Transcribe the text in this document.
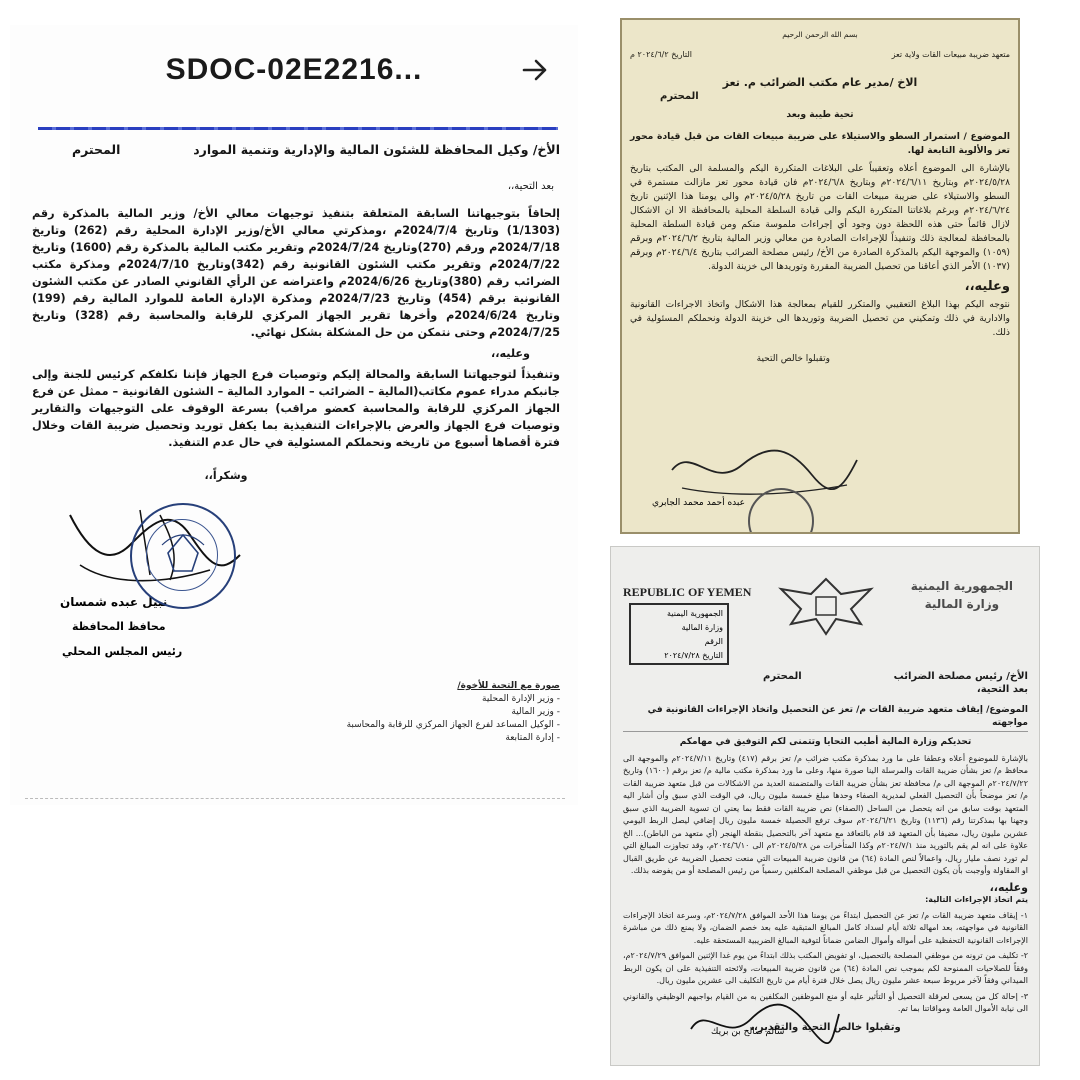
SDOC-02E2216...
الأخ/ وكيل المحافظة للشئون المالية والإدارية وتنمية الموارد
المحترم
بعد التحية،،

إلحاقاً بتوجيهاتنا السابقة المتعلقة بتنفيذ توجيهات معالي الأخ/ وزير المالية بالمذكرة رقم (1/1303) وتاريخ 2024/7/4م ،ومذكرتي معالي الأخ/وزير الإدارة المحلية رقم (262) وتاريخ 2024/7/18م ورقم (270)وتاريخ 2024/7/24م وتقرير مكتب المالية بالمذكرة رقم (1600) وتاريخ 2024/7/22م وتقرير مكتب الشئون القانونية رقم (342)وتاريخ 2024/7/10م ومذكرة مكتب الضرائب رقم (380)وتاريخ 2024/6/26م واعتراضه عن الرأي القانوني الصادر عن مكتب الشئون القانونية برقم (454) وتاريخ 2024/7/23م ومذكرة الإدارة العامة للموارد المالية رقم (199) وتاريخ 2024/6/24م وأخرها تقرير الجهاز المركزي للرقابة والمحاسبة رقم (328) وتاريخ 2024/7/25م وحتى نتمكن من حل المشكلة بشكل نهائي.

وعليه،،

وتنفيذاً لتوجيهاتنا السابقة والمحالة إليكم وتوصيات فرع الجهاز فإننا نكلفكم كرئيس للجنة وإلى جانبكم مدراء عموم مكاتب(المالية – الضرائب – الموارد المالية – الشئون القانونية – ممثل عن فرع الجهاز المركزي للرقابة والمحاسبة كعضو مراقب) بسرعة الوقوف على التوجيهات والتقارير وتوصيات فرع الجهاز والعرض بالإجراءات التنفيذية بما يكفل توريد وتحصيل ضريبة القات وخلال فترة أقصاها أسبوع من تاريخه ونحملكم المسئولية في حال عدم التنفيذ.

وشكراً،،
نبيل عبده شمسان
محافظ المحافظة
رئيس المجلس المحلي
صورة مع التحية للأخوة/
- وزير الإدارة المحلية
- وزير المالية
- الوكيل المساعد لفرع الجهاز المركزي للرقابة والمحاسبة
- إدارة المتابعة
بسم الله الرحمن الرحيم
متعهد ضريبة مبيعات القات ولاية تعز
التاريخ ٢٠٢٤/٦/٢ م
الاخ /مدير عام مكتب الضرائب م. تعز
المحترم
تحية طيبة وبعد

الموضوع / استمرار السطو والاستيلاء على ضريبة مبيعات القات من قبل قيادة محور تعز والألوية التابعة لها.

بالإشارة الى الموضوع أعلاه وتعقيباً على البلاغات المتكررة اليكم والمسلمة الى المكتب بتاريخ ٢٠٢٤/٥/٢٨م وبتاريخ ٢٠٢٤/٦/١١م وبتاريخ ٢٠٢٤/٦/٨م فان قيادة محور تعز مازالت مستمرة في السطو والاستيلاء على ضريبة مبيعات القات من تاريخ ٢٠٢٤/٥/٢٨م والى يومنا هذا الإثنين تاريخ ٢٠٢٤/٦/٢٤م وبرغم بلاغاتنا المتكررة اليكم والى قيادة السلطة المحلية بالمحافظة الا ان الاشكال لازال قائماً حتى هذه اللحظة دون وجود أي إجراءات ملموسة منكم ومن قيادة السلطة المحلية بالمحافظة لمعالجة ذلك وتنفيذاً للإجراءات الصادرة من معالي وزير المالية بتاريخ ٢٠٢٤/٦/٢م وبرقم (١٠٥٩) والموجهة اليكم بالمذكرة الصادرة من الأخ/ رئيس مصلحة الضرائب بتاريخ ٢٠٢٤/٦/٤م وبرقم (١٠٣٧) الأمر الذي أعاقنا من تحصيل الضريبة المقررة وتوريدها الى خزينة الدولة.

وعليه،،

نتوجه اليكم بهذا البلاغ التعقيبي والمتكرر للقيام بمعالجة هذا الاشكال واتخاذ الاجراءات القانونية والادارية في ذلك وتمكيني من تحصيل الضريبة وتوريدها الى خزينة الدولة ونحملكم المسئولية في ذلك.

وتقبلوا خالص التحية
عبده أحمد محمد الجابري
REPUBLIC OF YEMEN	الجمهورية اليمنية
وزارة المالية
الجمهورية اليمنية
وزارة المالية
الرقم
التاريخ ٢٠٢٤/٧/٢٨
الأخ/ رئيس مصلحة الضرائب
المحترم
بعد التحية،
الموضوع/ إيقاف متعهد ضريبة القات م/ تعز عن التحصيل واتخاذ الإجراءات القانونية في مواجهته
تحذيكم وزارة المالية أطيب التحايا وتتمنى لكم التوفيق في مهامكم

بالإشارة للموضوع أعلاه وعطفا على ما ورد بمذكرة مكتب ضرائب م/ تعز برقم (٤١٧) وتاريخ ٢٠٢٤/٧/١١م والموجهة الى محافظ م/ تعز بشأن ضريبة القات والمرسلة الينا صورة منها، وعلى ما ورد بمذكرة مكتب مالية م/ تعز برقم (١٦٠٠) وتاريخ ٢٠٢٤/٧/٢٢م الموجهة الى م/ محافظة تعز بشأن ضريبة القات والمتضمنة العديد من الاشكالات من قبل متعهد ضريبة القات م/ تعز موضحاً بأن التحصيل الفعلي لمديرية الصفاء وحدها مبلغ خمسة مليون ريال، في الوقت الذي سبق وأن أشار اليه المتعهد بوقت سابق من انه يتحصل من الساحل (الصفاء) نص ضريبة القات فقط بما يعني ان تسوية الضريبة الذي سبق وجهنا بها بمذكرتنا رقم (١١٣٦) وتاريخ ٢٠٢٤/٦/٢١م سوف ترفع الحصيلة خمسة مليون ريال إضافي ليصل الربط اليومي عشرين مليون ريال، مضيفا بأن المتعهد قد قام بالتعاقد مع متعهد آخر بالتحصيل بنقطة الهنجر (أي متعهد من الباطن)... الخ علاوة على انه لم يقم بالتوريد منذ ٢٠٢٤/٧/١م وكذا المتأخرات من ٢٠٢٤/٥/٢٨م الى ٢٠٢٤/٦/١٠م، وقد تجاوزت المبالغ التي لم تورد نصف مليار ريال، واعمالاً لنص المادة (٦٤) من قانون ضريبة المبيعات التي منعت تحصيل الضريبة عن طريق القبال او المقاولة وأوجبت بأن يكون التحصيل من قبل موظفي المصلحة المكلفين رسمياً من رئيس المصلحة أو من يفوضه بذلك.

وعليه،،
يتم اتخاذ الإجراءات التالية:

١- إيقاف متعهد ضريبة القات م/ تعز عن التحصيل ابتداءً من يومنا هذا الأحد الموافق ٢٠٢٤/٧/٢٨م، وسرعة اتخاذ الإجراءات القانونية في مواجهته، بعد امهاله ثلاثة أيام لسداد كامل المبالغ المتبقية عليه بعد خصم الضمان، ولا يمنع ذلك من مباشرة الإجراءات القانونية التحفظية على أمواله وأموال الضامن ضماناً لتوفية المبالغ الضريبية المستحقة عليه.

٢- تكليف من ترونه من موظفي المصلحة بالتحصيل، او تفويض المكتب بذلك ابتداءً من يوم غدا الإثنين الموافق ٢٠٢٤/٧/٢٩م، وفقاً للصلاحيات الممنوحة لكم بموجب نص المادة (٦٤) من قانون ضريبة المبيعات، ولائحته التنفيذية على ان يكون الربط الميداني وفقاً لآخر مربوط سبعة عشر مليون ريال يصل خلال فترة أيام من تاريخ التكليف الى عشرين مليون ريال.

٣- إحالة كل من يسعى لعرقلة التحصيل أو التأثير عليه أو منع الموظفين المكلفين به من القيام بواجبهم الوظيفي والقانوني الى نيابة الأموال العامة ومواقاتنا بما تم.

وتقبلوا خالص التحية والتقدير،،
سالم صالح بن بريك
